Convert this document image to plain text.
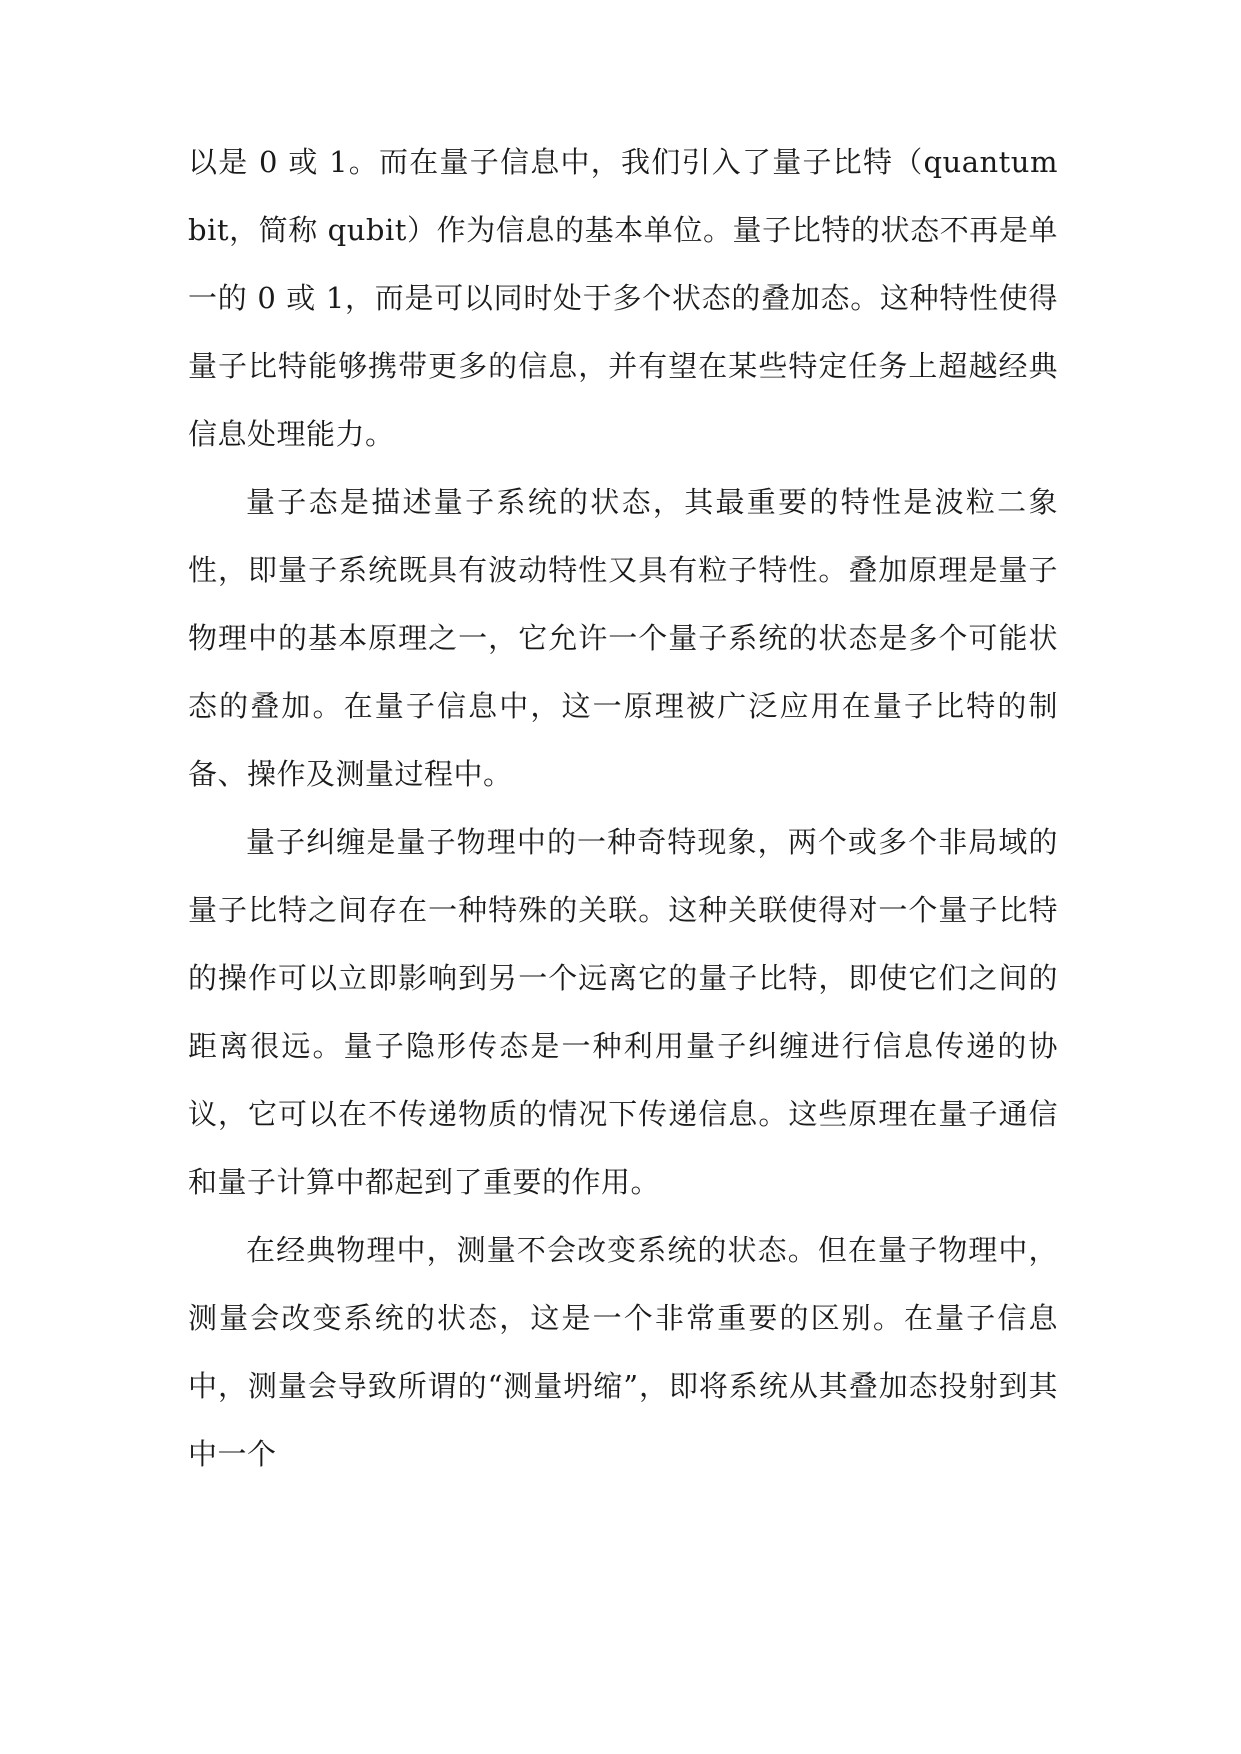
以是 0 或 1。而在量子信息中，我们引入了量子比特（quantum bit，简称 qubit）作为信息的基本单位。量子比特的状态不再是单一的 0 或 1，而是可以同时处于多个状态的叠加态。这种特性使得量子比特能够携带更多的信息，并有望在某些特定任务上超越经典信息处理能力。

量子态是描述量子系统的状态，其最重要的特性是波粒二象性，即量子系统既具有波动特性又具有粒子特性。叠加原理是量子物理中的基本原理之一，它允许一个量子系统的状态是多个可能状态的叠加。在量子信息中，这一原理被广泛应用在量子比特的制备、操作及测量过程中。

量子纠缠是量子物理中的一种奇特现象，两个或多个非局域的量子比特之间存在一种特殊的关联。这种关联使得对一个量子比特的操作可以立即影响到另一个远离它的量子比特，即使它们之间的距离很远。量子隐形传态是一种利用量子纠缠进行信息传递的协议，它可以在不传递物质的情况下传递信息。这些原理在量子通信和量子计算中都起到了重要的作用。

在经典物理中，测量不会改变系统的状态。但在量子物理中，测量会改变系统的状态，这是一个非常重要的区别。在量子信息中，测量会导致所谓的“测量坍缩”，即将系统从其叠加态投射到其中一个
